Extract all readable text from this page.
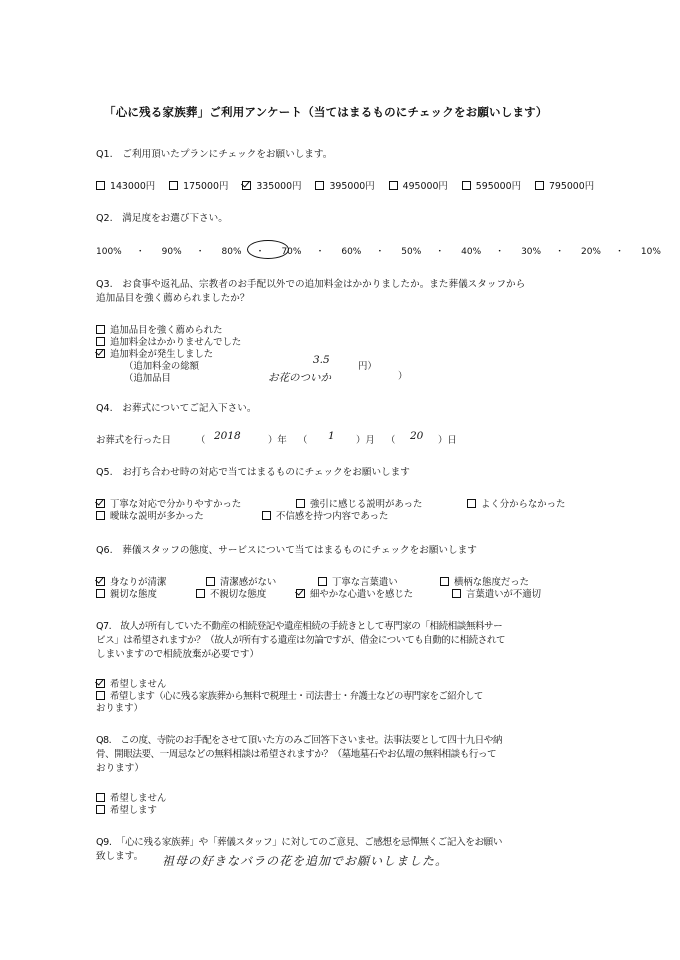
「心に残る家族葬」ご利用アンケート（当てはまるものにチェックをお願いします）
Q1.　ご利用頂いたプランにチェックをお願いします。
143000円	175000円	335000円	395000円	495000円	595000円	795000円
Q2.　満足度をお選び下さい。
100% ・ 90% ・ 80% ・ 70% ・ 60% ・ 50% ・ 40% ・ 30% ・ 20% ・ 10%
Q3.　お食事や返礼品、宗教者のお手配以外での追加料金はかかりましたか。また葬儀スタッフから
追加品目を強く薦められましたか？
追加品目を強く薦められた
追加料金はかかりませんでした
追加料金が発生しました
（追加料金の総額
3.5
円）
（追加品目	お花のついか	）
Q4.　お葬式についてご記入下さい。
お葬式を行った日	（ 2018	）年 （ 1 ）月 （ 20 ）日
Q5.　お打ち合わせ時の対応で当てはまるものにチェックをお願いします
丁寧な対応で分かりやすかった	強引に感じる説明があった	よく分からなかった
曖昧な説明が多かった	不信感を持つ内容であった
Q6.　葬儀スタッフの態度、サービスについて当てはまるものにチェックをお願いします
身なりが清潔	清潔感がない	丁寧な言葉遣い	横柄な態度だった
親切な態度	不親切な態度	細やかな心遣いを感じた	言葉遣いが不適切
Q7.　故人が所有していた不動産の相続登記や遺産相続の手続きとして専門家の「相続相談無料サー
ビス」は希望されますか？（故人が所有する遺産は勿論ですが、借金についても自動的に相続されて
しまいますので相続放棄が必要です）
希望しません
希望します（心に残る家族葬から無料で税理士・司法書士・弁護士などの専門家をご紹介して
おります）
Q8.　この度、寺院のお手配をさせて頂いた方のみご回答下さいませ。法事法要として四十九日や納
骨、開眼法要、一周忌などの無料相談は希望されますか？（墓地墓石やお仏壇の無料相談も行って
おります）
希望しません
希望します
Q9.　「心に残る家族葬」や「葬儀スタッフ」に対してのご意見、ご感想を忌憚無くご記入をお願い
致します。 祖母の好きなバラの花を追加でお願いしました。
